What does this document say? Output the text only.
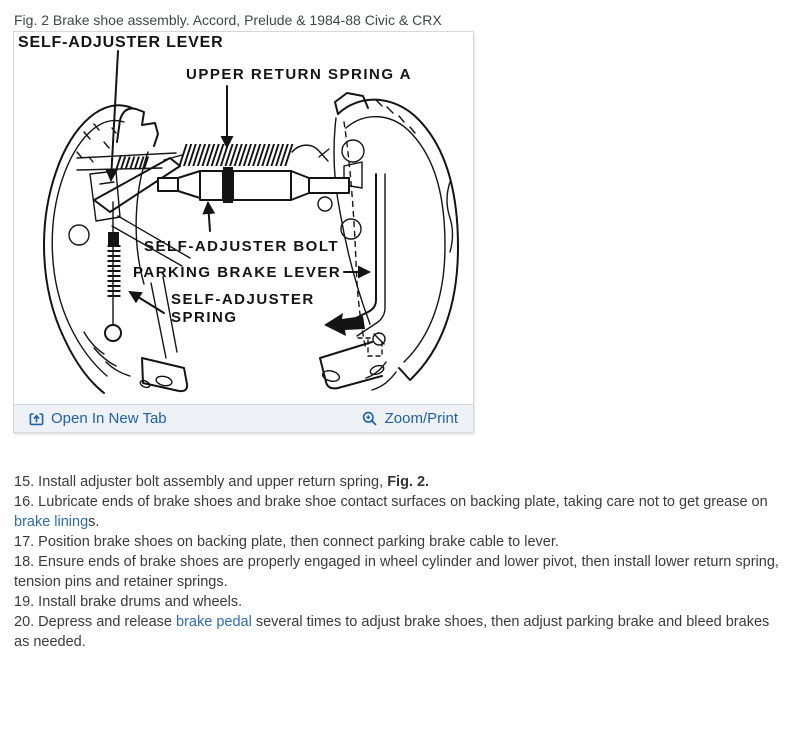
Fig. 2 Brake shoe assembly. Accord, Prelude & 1984-88 Civic & CRX
SELF-ADJUSTER LEVER
UPPER RETURN SPRING A
SELF-ADJUSTER BOLT
PARKING BRAKE LEVER
SELF-ADJUSTER
SPRING
Open In New Tab	Zoom/Print

15. Install adjuster bolt assembly and upper return spring, Fig. 2.

16. Lubricate ends of brake shoes and brake shoe contact surfaces on backing plate, taking care not to get grease on brake linings.

17. Position brake shoes on backing plate, then connect parking brake cable to lever.

18. Ensure ends of brake shoes are properly engaged in wheel cylinder and lower pivot, then install lower return spring, tension pins and retainer springs.

19. Install brake drums and wheels.

20. Depress and release brake pedal several times to adjust brake shoes, then adjust parking brake and bleed brakes as needed.
